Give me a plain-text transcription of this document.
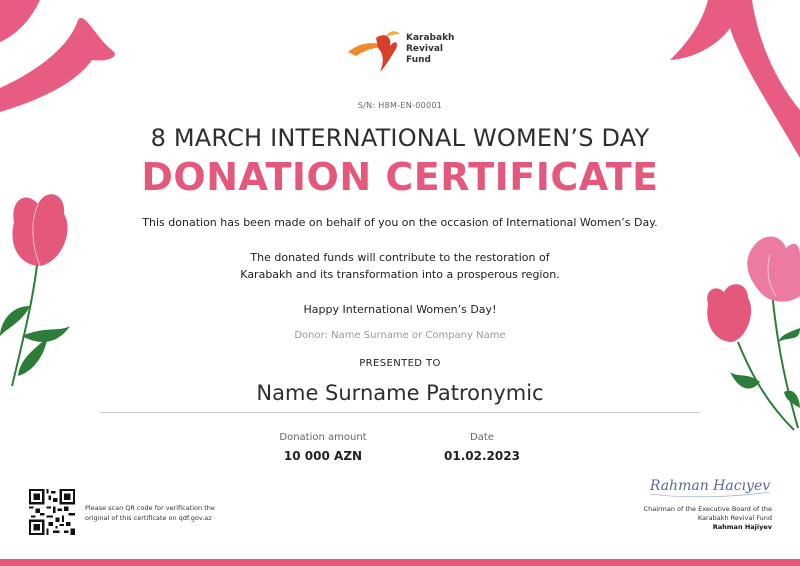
Karabakh
Revival
Fund
S/N: H8M-EN-00001
8 MARCH INTERNATIONAL WOMEN’S DAY
DONATION CERTIFICATE
This donation has been made on behalf of you on the occasion of International Women’s Day.
The donated funds will contribute to the restoration of
Karabakh and its transformation into a prosperous region.
Happy International Women’s Day!
Donor: Name Surname or Company Name
PRESENTED TO
Name Surname Patronymic
Donation amount
10 000 AZN
Date
01.02.2023
Please scan QR code for verification the
original of this certificate on qdf.gov.az
Rahman Hacıyev
Chairman of the Executive Board of the
Karabakh Revival Fund
Rahman Hajiyev
